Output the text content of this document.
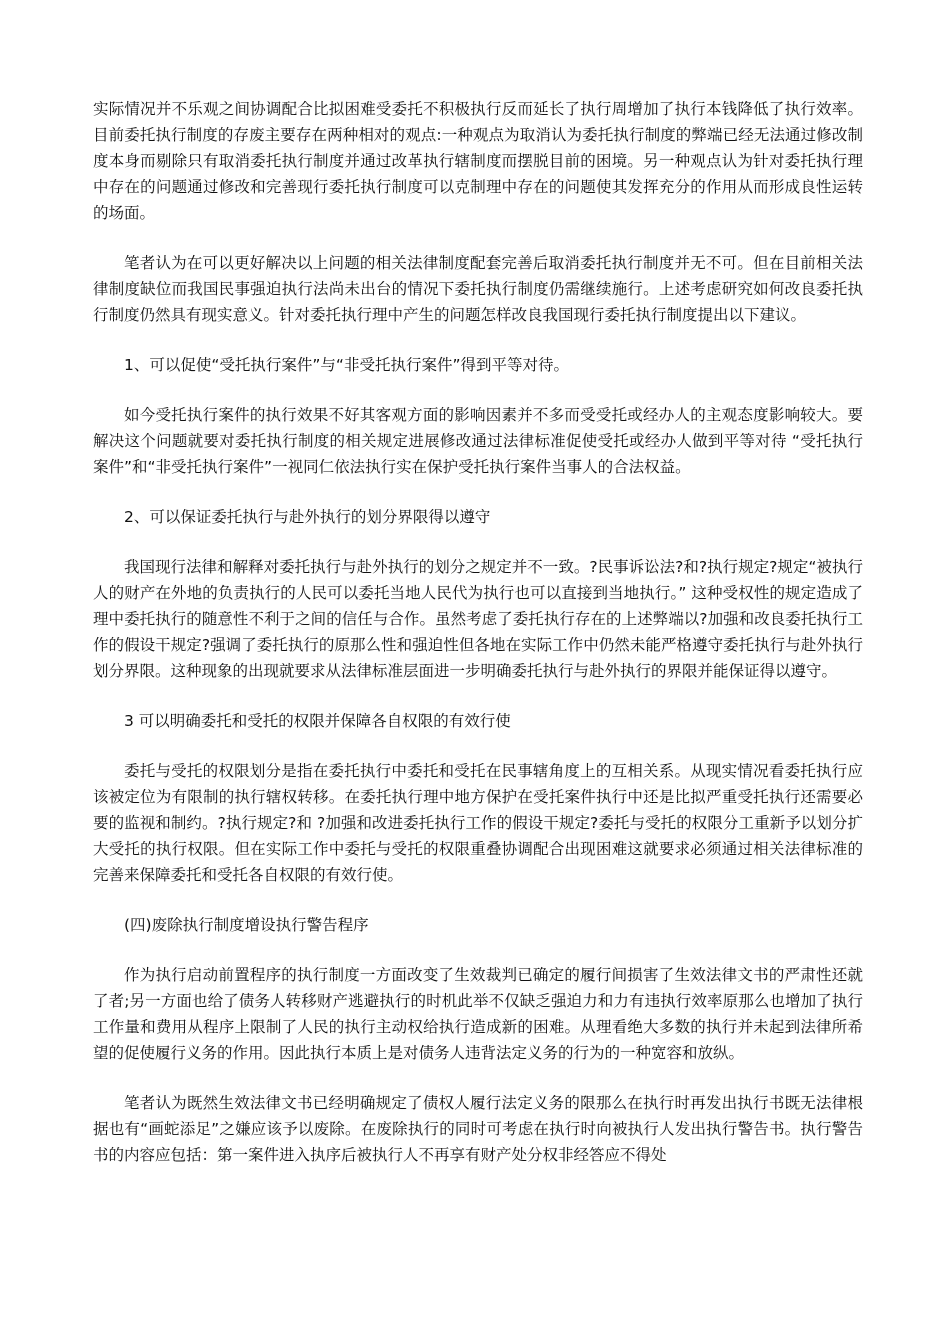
实际情况并不乐观之间协调配合比拟困难受委托不积极执行反而延长了执行周增加了执行本钱降低了执行效率。目前委托执行制度的存废主要存在两种相对的观点:一种观点为取消认为委托执行制度的弊端已经无法通过修改制度本身而剔除只有取消委托执行制度并通过改革执行辖制度而摆脱目前的困境。另一种观点认为针对委托执行理中存在的问题通过修改和完善现行委托执行制度可以克制理中存在的问题使其发挥充分的作用从而形成良性运转的场面。

笔者认为在可以更好解决以上问题的相关法律制度配套完善后取消委托执行制度并无不可。但在目前相关法律制度缺位而我国民事强迫执行法尚未出台的情况下委托执行制度仍需继续施行。上述考虑研究如何改良委托执行制度仍然具有现实意义。针对委托执行理中产生的问题怎样改良我国现行委托执行制度提出以下建议。

1、可以促使“受托执行案件”与“非受托执行案件”得到平等对待。

如今受托执行案件的执行效果不好其客观方面的影响因素并不多而受受托或经办人的主观态度影响较大。要解决这个问题就要对委托执行制度的相关规定进展修改通过法律标准促使受托或经办人做到平等对待 “受托执行案件”和“非受托执行案件”一视同仁依法执行实在保护受托执行案件当事人的合法权益。

2、可以保证委托执行与赴外执行的划分界限得以遵守

我国现行法律和解释对委托执行与赴外执行的划分之规定并不一致。?民事诉讼法?和?执行规定?规定“被执行人的财产在外地的负责执行的人民可以委托当地人民代为执行也可以直接到当地执行。” 这种受权性的规定造成了理中委托执行的随意性不利于之间的信任与合作。虽然考虑了委托执行存在的上述弊端以?加强和改良委托执行工作的假设干规定?强调了委托执行的原那么性和强迫性但各地在实际工作中仍然未能严格遵守委托执行与赴外执行划分界限。这种现象的出现就要求从法律标准层面进一步明确委托执行与赴外执行的界限并能保证得以遵守。

3 可以明确委托和受托的权限并保障各自权限的有效行使

委托与受托的权限划分是指在委托执行中委托和受托在民事辖角度上的互相关系。从现实情况看委托执行应该被定位为有限制的执行辖权转移。在委托执行理中地方保护在受托案件执行中还是比拟严重受托执行还需要必要的监视和制约。?执行规定?和 ?加强和改进委托执行工作的假设干规定?委托与受托的权限分工重新予以划分扩大受托的执行权限。但在实际工作中委托与受托的权限重叠协调配合出现困难这就要求必须通过相关法律标准的完善来保障委托和受托各自权限的有效行使。

(四)废除执行制度增设执行警告程序

作为执行启动前置程序的执行制度一方面改变了生效裁判已确定的履行间损害了生效法律文书的严肃性还就了者;另一方面也给了债务人转移财产逃避执行的时机此举不仅缺乏强迫力和力有违执行效率原那么也增加了执行工作量和费用从程序上限制了人民的执行主动权给执行造成新的困难。从理看绝大多数的执行并未起到法律所希望的促使履行义务的作用。因此执行本质上是对债务人违背法定义务的行为的一种宽容和放纵。

笔者认为既然生效法律文书已经明确规定了债权人履行法定义务的限那么在执行时再发出执行书既无法律根据也有“画蛇添足”之嫌应该予以废除。在废除执行的同时可考虑在执行时向被执行人发出执行警告书。执行警告书的内容应包括：第一案件进入执序后被执行人不再享有财产处分权非经答应不得处
